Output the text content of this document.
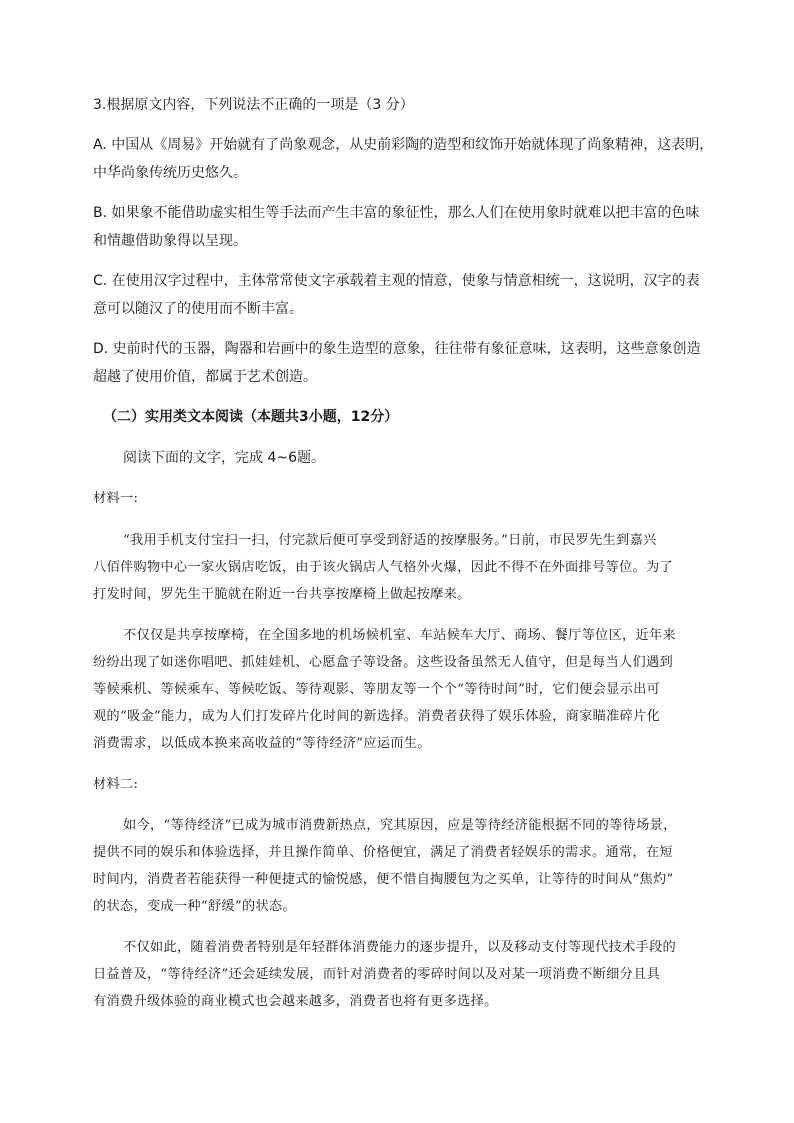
3.根据原文内容，下列说法不正确的一项是（3 分）
A. 中国从《周易》开始就有了尚象观念，从史前彩陶的造型和纹饰开始就体现了尚象精神，这表明，
中华尚象传统历史悠久。
B. 如果象不能借助虚实相生等手法而产生丰富的象征性，那么人们在使用象时就难以把丰富的色味
和情趣借助象得以呈现。
C. 在使用汉字过程中，主体常常使文字承载着主观的情意，使象与情意相统一，这说明，汉字的表
意可以随汉了的使用而不断丰富。
D. 史前时代的玉器，陶器和岩画中的象生造型的意象，往往带有象征意味，这表明，这些意象创造
超越了使用价值，都属于艺术创造。
（二）实用类文本阅读（本题共3小题，12分）
阅读下面的文字，完成 4~6题。
材料一:
“我用手机支付宝扫一扫，付完款后便可享受到舒适的按摩服务。”日前，市民罗先生到嘉兴
八佰伴购物中心一家火锅店吃饭，由于该火锅店人气格外火爆，因此不得不在外面排号等位。为了
打发时间，罗先生干脆就在附近一台共享按摩椅上做起按摩来。
不仅仅是共享按摩椅，在全国多地的机场候机室、车站候车大厅、商场、餐厅等位区，近年来
纷纷出现了如迷你唱吧、抓娃娃机、心愿盒子等设备。这些设备虽然无人值守，但是每当人们遇到
等候乘机、等候乘车、等候吃饭、等待观影、等朋友等一个个“等待时间”时，它们便会显示出可
观的“吸金”能力，成为人们打发碎片化时间的新选择。消费者获得了娱乐体验，商家瞄准碎片化
消费需求，以低成本换来高收益的“等待经济”应运而生。
材料二:
如今，“等待经济”已成为城市消费新热点，究其原因，应是等待经济能根据不同的等待场景，
提供不同的娱乐和体验选择，并且操作简单、价格便宜，满足了消费者轻娱乐的需求。通常，在短
时间内，消费者若能获得一种便捷式的愉悦感，便不惜自掏腰包为之买单，让等待的时间从“焦灼”
的状态，变成一种“舒缓”的状态。
不仅如此，随着消费者特别是年轻群体消费能力的逐步提升，以及移动支付等现代技术手段的
日益普及，“等待经济”还会延续发展，而针对消费者的零碎时间以及对某一项消费不断细分且具
有消费升级体验的商业模式也会越来越多，消费者也将有更多选择。
